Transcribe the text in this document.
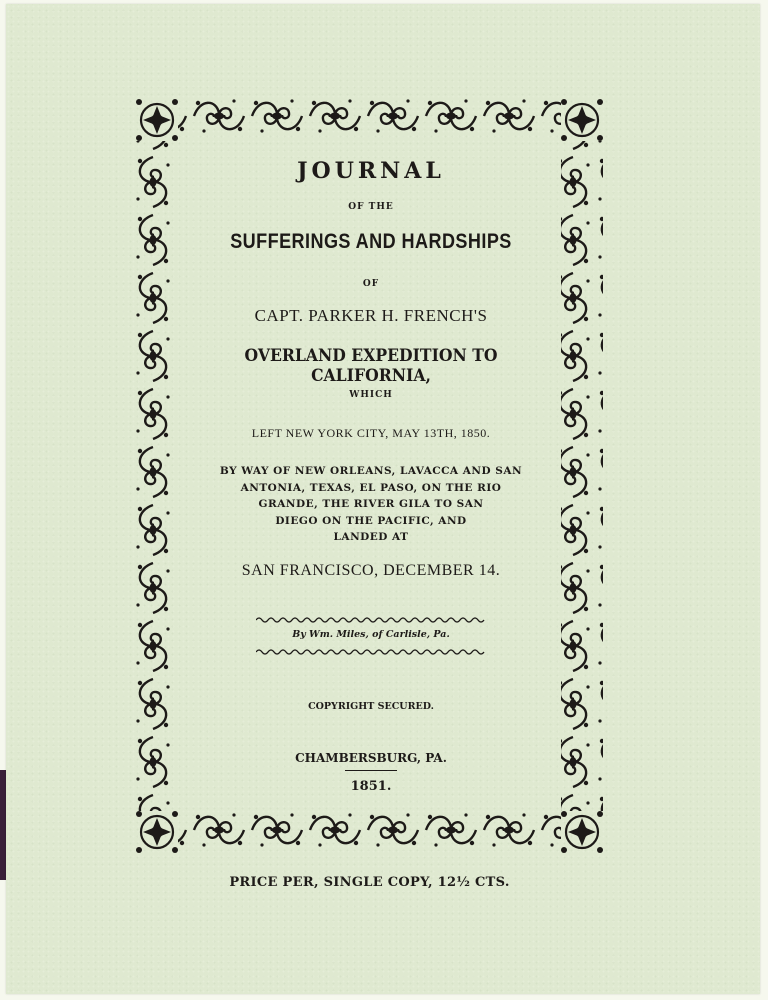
JOURNAL

OF THE

SUFFERINGS AND HARDSHIPS

OF

CAPT. PARKER H. FRENCH'S

OVERLAND EXPEDITION TO CALIFORNIA,

WHICH

LEFT NEW YORK CITY, MAY 13TH, 1850.

BY WAY OF NEW ORLEANS, LAVACCA AND SAN
ANTONIA, TEXAS, EL PASO, ON THE RIO
GRANDE, THE RIVER GILA TO SAN
DIEGO ON THE PACIFIC, AND
LANDED AT

SAN FRANCISCO, DECEMBER 14.

By Wm. Miles, of Carlisle, Pa.

COPYRIGHT SECURED.

CHAMBERSBURG, PA.

1851.

PRICE PER, SINGLE COPY, 12½ CTS.
